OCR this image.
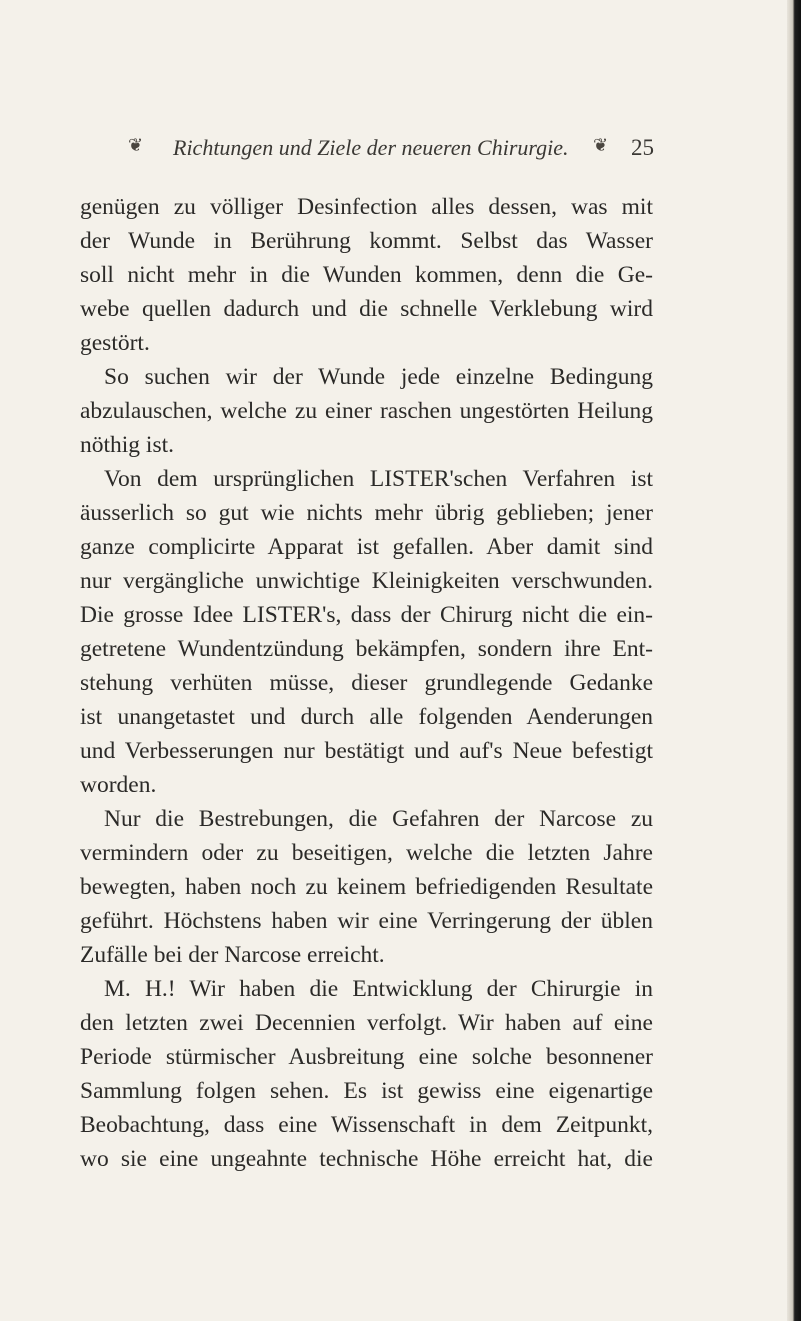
❦ Richtungen und Ziele der neueren Chirurgie. ❦ 25
genügen zu völliger Desinfection alles dessen, was mit
der Wunde in Berührung kommt. Selbst das Wasser
soll nicht mehr in die Wunden kommen, denn die Ge-
webe quellen dadurch und die schnelle Verklebung wird
gestört.
So suchen wir der Wunde jede einzelne Bedingung
abzulauschen, welche zu einer raschen ungestörten Heilung
nöthig ist.
Von dem ursprünglichen LISTER'schen Verfahren ist
äusserlich so gut wie nichts mehr übrig geblieben; jener
ganze complicirte Apparat ist gefallen. Aber damit sind
nur vergängliche unwichtige Kleinigkeiten verschwunden.
Die grosse Idee LISTER's, dass der Chirurg nicht die ein-
getretene Wundentzündung bekämpfen, sondern ihre Ent-
stehung verhüten müsse, dieser grundlegende Gedanke
ist unangetastet und durch alle folgenden Aenderungen
und Verbesserungen nur bestätigt und auf's Neue befestigt
worden.
Nur die Bestrebungen, die Gefahren der Narcose zu
vermindern oder zu beseitigen, welche die letzten Jahre
bewegten, haben noch zu keinem befriedigenden Resultate
geführt. Höchstens haben wir eine Verringerung der üblen
Zufälle bei der Narcose erreicht.
M. H.! Wir haben die Entwicklung der Chirurgie in
den letzten zwei Decennien verfolgt. Wir haben auf eine
Periode stürmischer Ausbreitung eine solche besonnener
Sammlung folgen sehen. Es ist gewiss eine eigenartige
Beobachtung, dass eine Wissenschaft in dem Zeitpunkt,
wo sie eine ungeahnte technische Höhe erreicht hat, die
